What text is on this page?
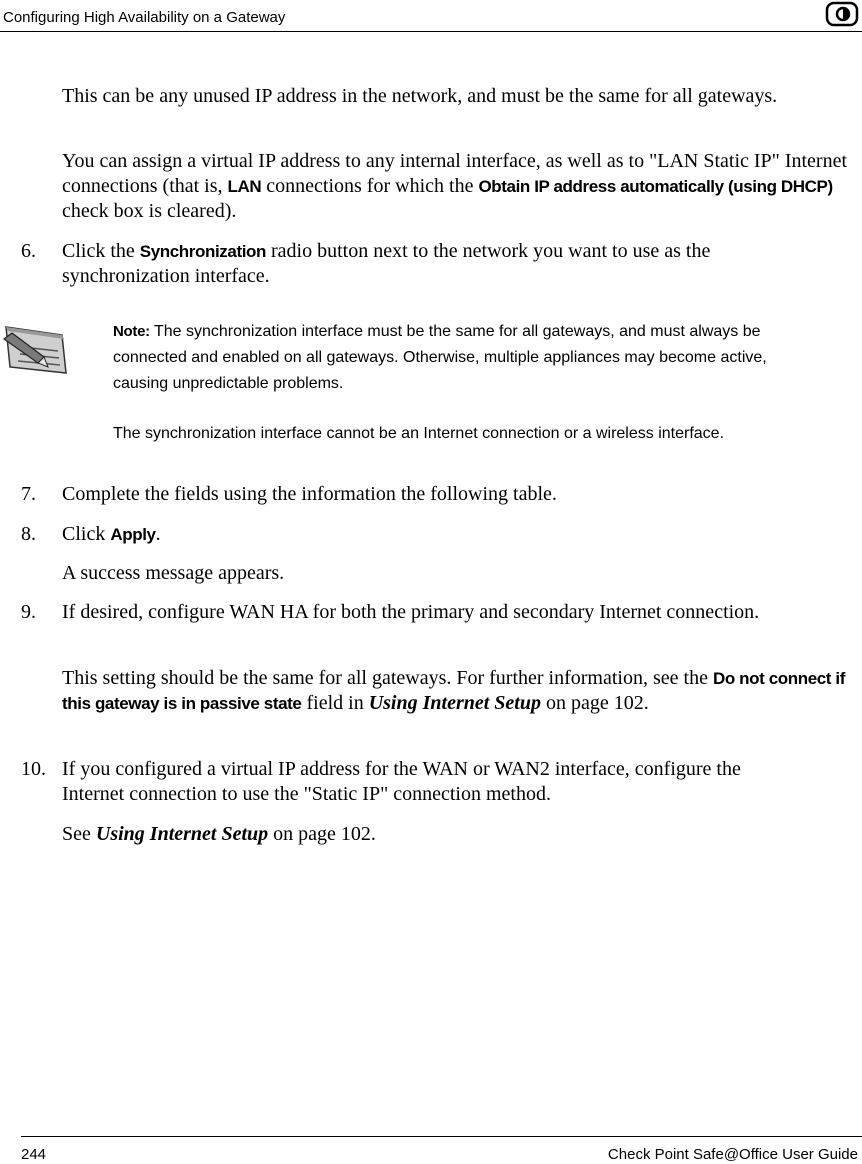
Configuring High Availability on a Gateway
This can be any unused IP address in the network, and must be the same for all gateways.
You can assign a virtual IP address to any internal interface, as well as to "LAN Static IP" Internet connections (that is, LAN connections for which the Obtain IP address automatically (using DHCP) check box is cleared).
6. Click the Synchronization radio button next to the network you want to use as the synchronization interface.
Note: The synchronization interface must be the same for all gateways, and must always be connected and enabled on all gateways. Otherwise, multiple appliances may become active, causing unpredictable problems.
The synchronization interface cannot be an Internet connection or a wireless interface.
7. Complete the fields using the information the following table.
8. Click Apply.
A success message appears.
9. If desired, configure WAN HA for both the primary and secondary Internet connection.
This setting should be the same for all gateways. For further information, see the Do not connect if this gateway is in passive state field in Using Internet Setup on page 102.
10. If you configured a virtual IP address for the WAN or WAN2 interface, configure the Internet connection to use the "Static IP" connection method.
See Using Internet Setup on page 102.
244	Check Point Safe@Office User Guide
